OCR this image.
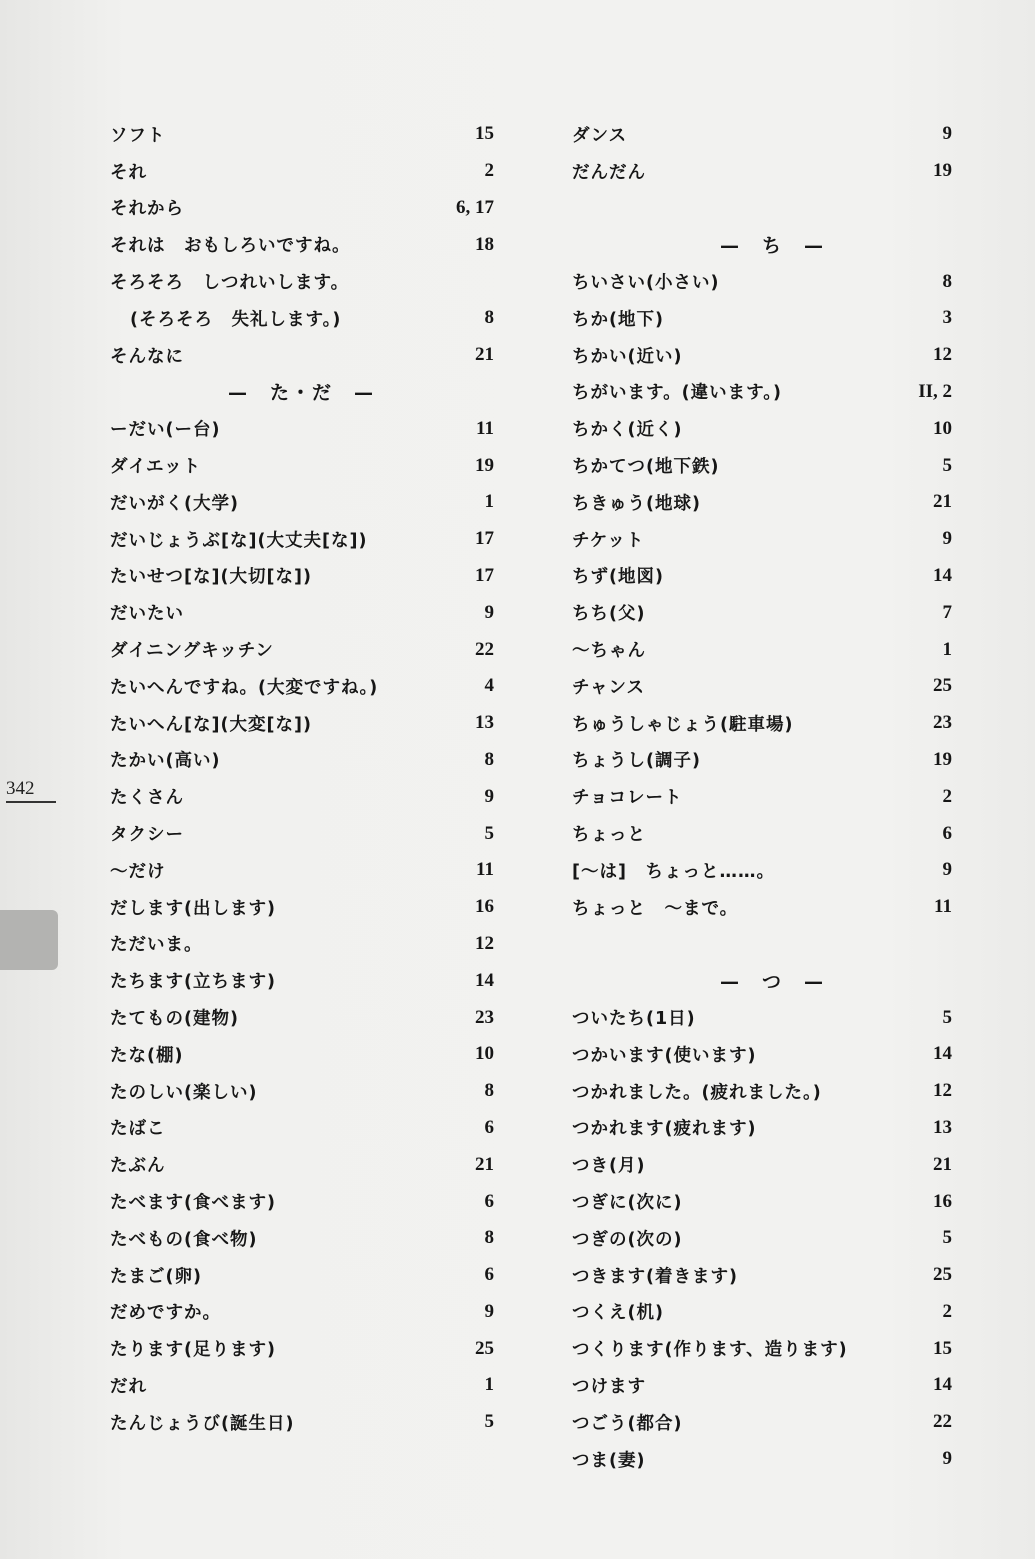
ソフト	15
それ	2
それから	6, 17
それは　おもしろいですね。	18
そろそろ　しつれいします。
(そろそろ　失礼します。)	8
そんなに	21
—　た・だ　—
ーだい(ー台)	11
ダイエット	19
だいがく(大学)	1
だいじょうぶ[な](大丈夫[な])	17
たいせつ[な](大切[な])	17
だいたい	9
ダイニングキッチン	22
たいへんですね。(大変ですね。)	4
たいへん[な](大変[な])	13
たかい(高い)	8
たくさん	9
タクシー	5
〜だけ	11
だします(出します)	16
ただいま。	12
たちます(立ちます)	14
たてもの(建物)	23
たな(棚)	10
たのしい(楽しい)	8
たばこ	6
たぶん	21
たべます(食べます)	6
たべもの(食べ物)	8
たまご(卵)	6
だめですか。	9
たります(足ります)	25
だれ	1
たんじょうび(誕生日)	5
ダンス	9
だんだん	19
—　ち　—
ちいさい(小さい)	8
ちか(地下)	3
ちかい(近い)	12
ちがいます。(違います。)	II, 2
ちかく(近く)	10
ちかてつ(地下鉄)	5
ちきゅう(地球)	21
チケット	9
ちず(地図)	14
ちち(父)	7
〜ちゃん	1
チャンス	25
ちゅうしゃじょう(駐車場)	23
ちょうし(調子)	19
チョコレート	2
ちょっと	6
[〜は]　ちょっと……。	9
ちょっと　〜まで。	11
—　つ　—
ついたち(1日)	5
つかいます(使います)	14
つかれました。(疲れました。)	12
つかれます(疲れます)	13
つき(月)	21
つぎに(次に)	16
つぎの(次の)	5
つきます(着きます)	25
つくえ(机)	2
つくります(作ります、造ります)	15
つけます	14
つごう(都合)	22
つま(妻)	9
342
